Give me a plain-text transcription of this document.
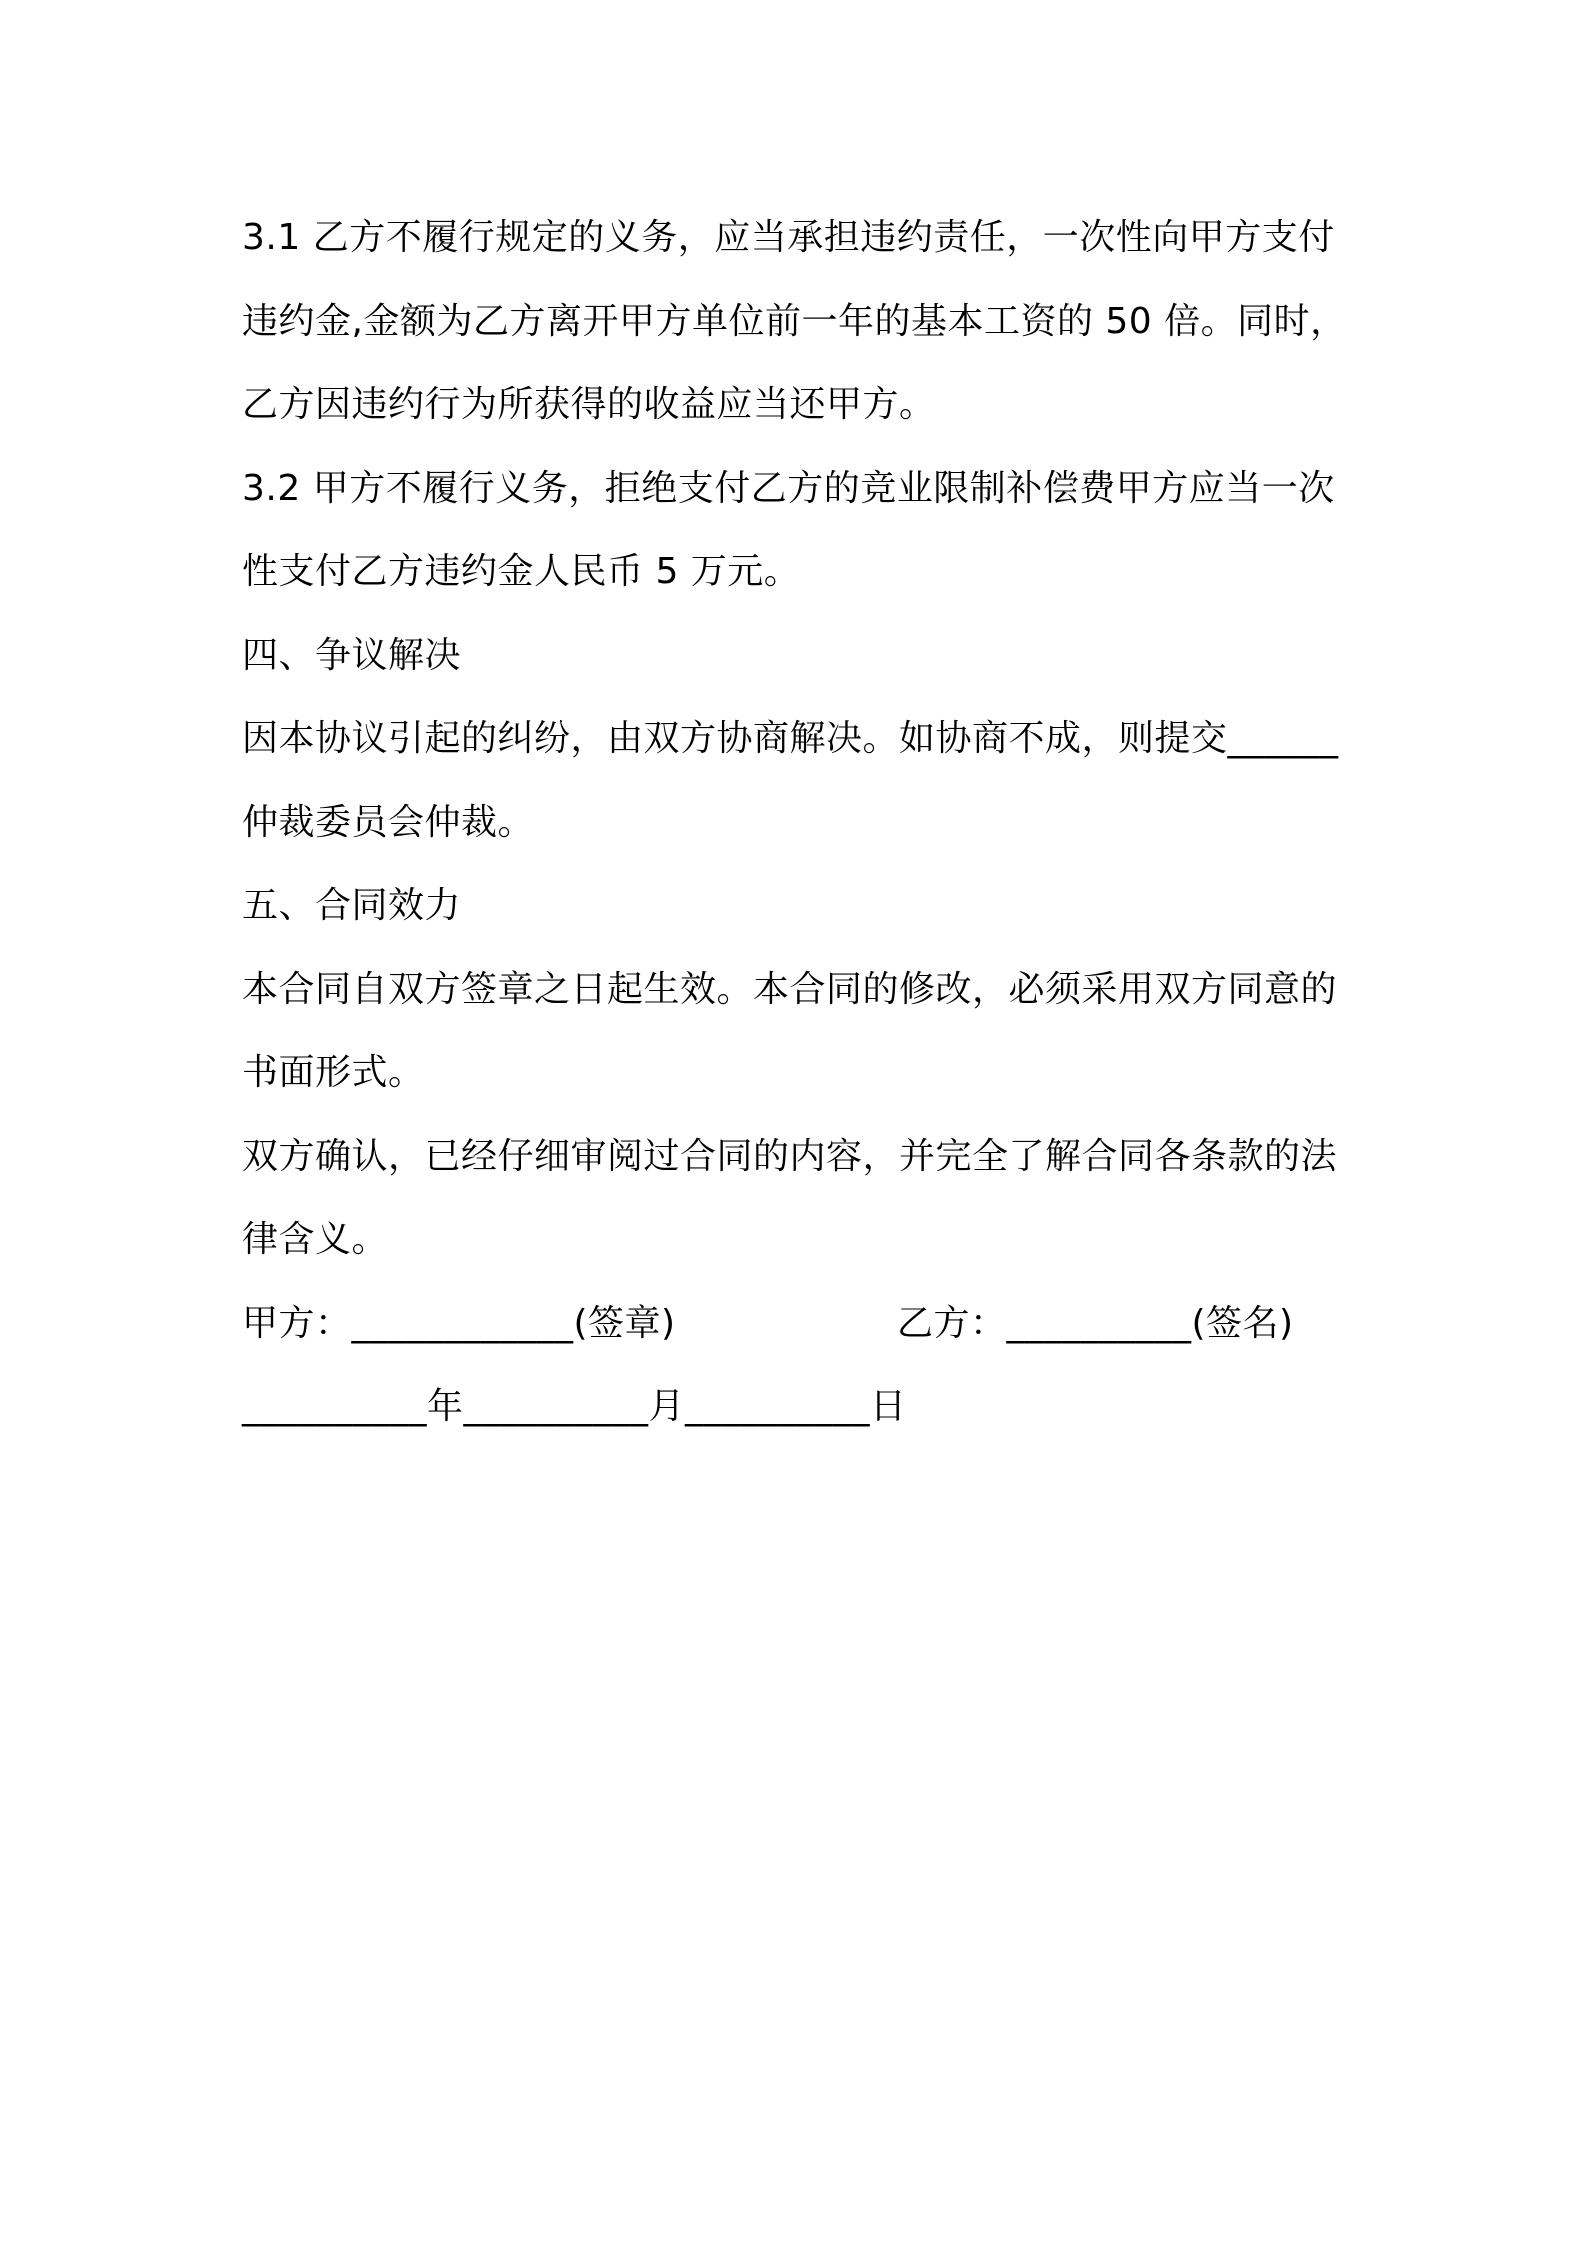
3.1 乙方不履行规定的义务，应当承担违约责任，一次性向甲方支付
违约金,金额为乙方离开甲方单位前一年的基本工资的 50 倍。同时，
乙方因违约行为所获得的收益应当还甲方。
3.2 甲方不履行义务，拒绝支付乙方的竞业限制补偿费甲方应当一次
性支付乙方违约金人民币 5 万元。
四、争议解决
因本协议引起的纠纷，由双方协商解决。如协商不成，则提交______
仲裁委员会仲裁。
五、合同效力
本合同自双方签章之日起生效。本合同的修改，必须采用双方同意的
书面形式。
双方确认，已经仔细审阅过合同的内容，并完全了解合同各条款的法
律含义。
甲方：____________(签章)	乙方：__________(签名)
__________年__________月__________日
